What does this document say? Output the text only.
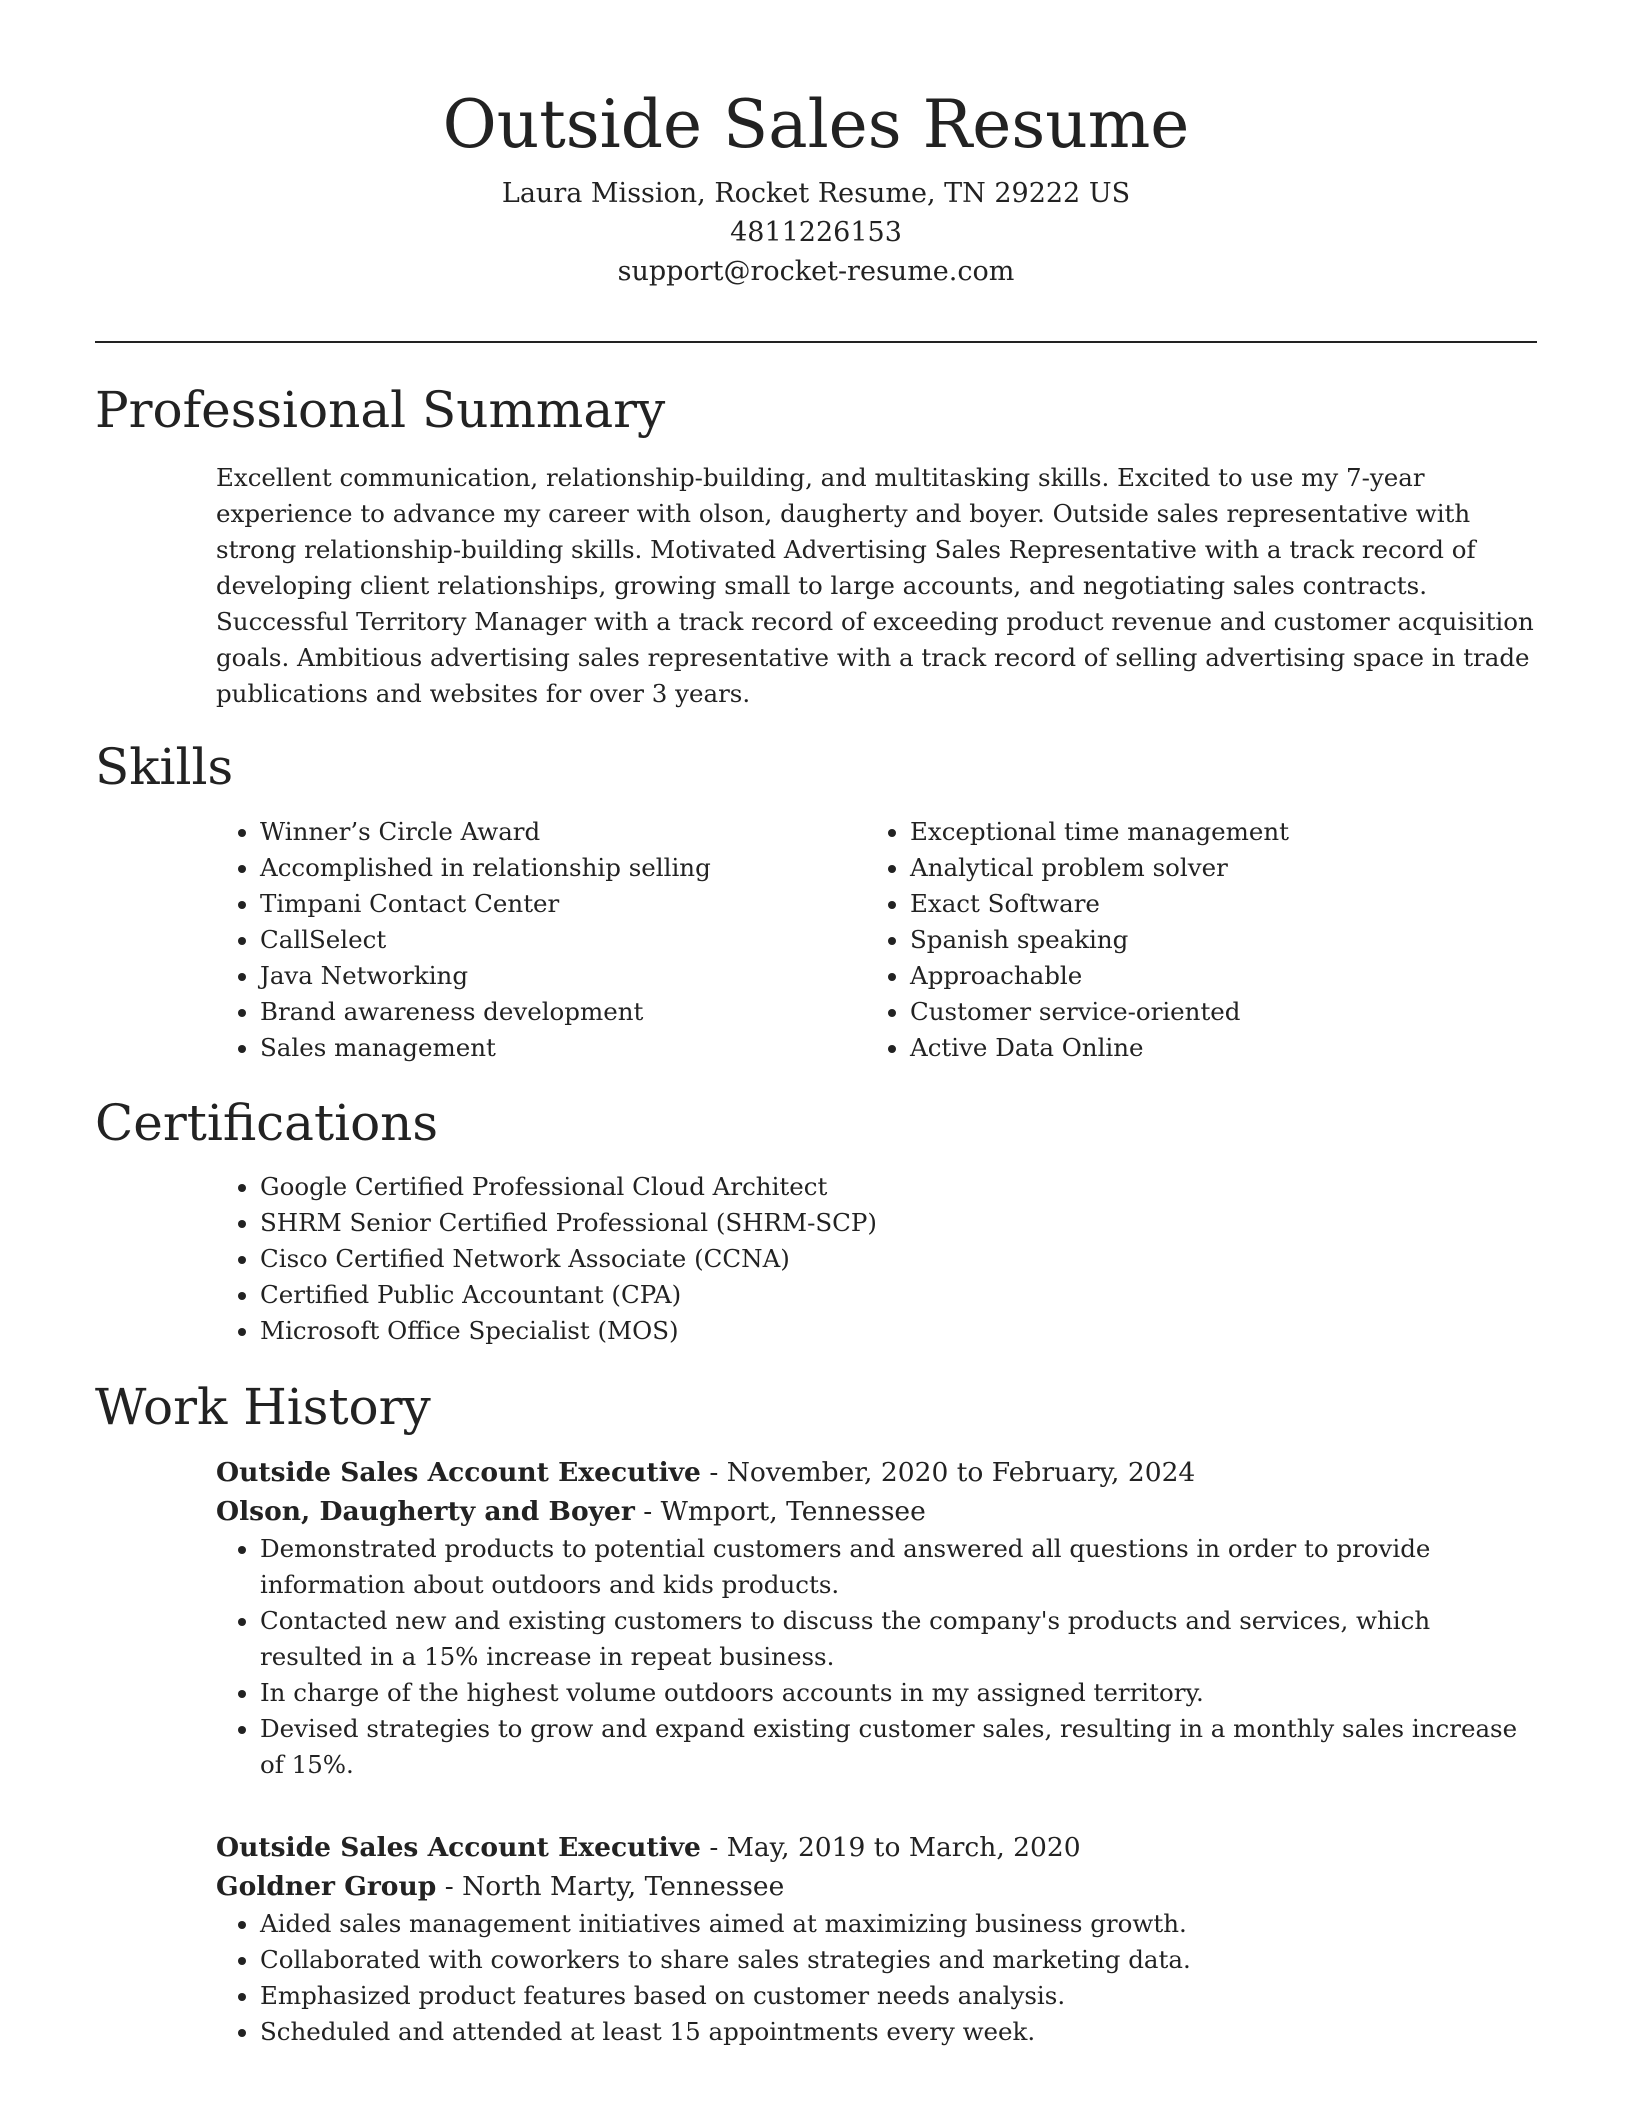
Outside Sales Resume
Laura Mission, Rocket Resume, TN 29222 US
4811226153
support@rocket-resume.com
Professional Summary

Excellent communication, relationship-building, and multitasking skills. Excited to use my 7-year experience to advance my career with olson, daugherty and boyer. Outside sales representative with strong relationship-building skills. Motivated Advertising Sales Representative with a track record of developing client relationships, growing small to large accounts, and negotiating sales contracts. Successful Territory Manager with a track record of exceeding product revenue and customer acquisition goals. Ambitious advertising sales representative with a track record of selling advertising space in trade publications and websites for over 3 years.

Skills
• Winner’s Circle Award
• Accomplished in relationship selling
• Timpani Contact Center
• CallSelect
• Java Networking
• Brand awareness development
• Sales management
• Exceptional time management
• Analytical problem solver
• Exact Software
• Spanish speaking
• Approachable
• Customer service-oriented
• Active Data Online
Certifications
• Google Certified Professional Cloud Architect
• SHRM Senior Certified Professional (SHRM-SCP)
• Cisco Certified Network Associate (CCNA)
• Certified Public Accountant (CPA)
• Microsoft Office Specialist (MOS)
Work History
Outside Sales Account Executive - November, 2020 to February, 2024
Olson, Daugherty and Boyer - Wmport, Tennessee
• Demonstrated products to potential customers and answered all questions in order to provide information about outdoors and kids products.
• Contacted new and existing customers to discuss the company's products and services, which resulted in a 15% increase in repeat business.
• In charge of the highest volume outdoors accounts in my assigned territory.
• Devised strategies to grow and expand existing customer sales, resulting in a monthly sales increase of 15%.
Outside Sales Account Executive - May, 2019 to March, 2020
Goldner Group - North Marty, Tennessee
• Aided sales management initiatives aimed at maximizing business growth.
• Collaborated with coworkers to share sales strategies and marketing data.
• Emphasized product features based on customer needs analysis.
• Scheduled and attended at least 15 appointments every week.
